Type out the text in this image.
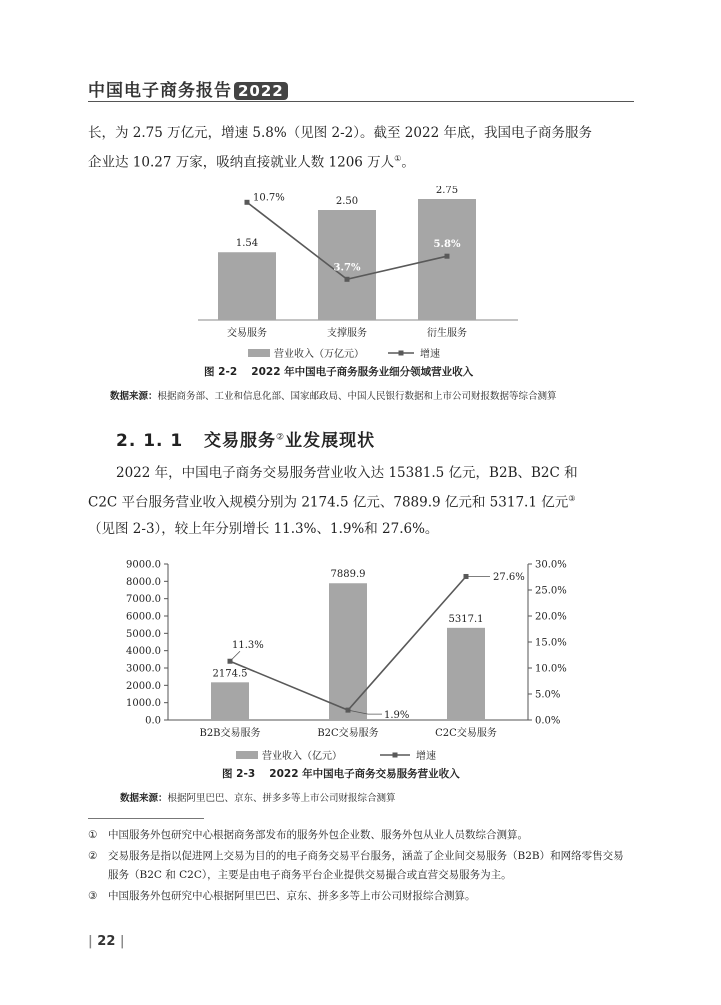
中国电子商务报告 2022
长，为 2.75 万亿元，增速 5.8%（见图 2-2）。截至 2022 年底，我国电子商务服务
企业达 10.27 万家，吸纳直接就业人数 1206 万人①。
1.54
2.50
2.75
10.7%
3.7%
5.8%
交易服务	支撑服务	衍生服务
营业收入（万亿元）	增速
图 2-2　 2022 年中国电子商务服务业细分领域营业收入
数据来源：根据商务部、工业和信息化部、国家邮政局、中国人民银行数据和上市公司财报数据等综合测算
2. 1. 1 交易服务②业发展现状
2022 年，中国电子商务交易服务营业收入达 15381.5 亿元，B2B、B2C 和
C2C 平台服务营业收入规模分别为 2174.5 亿元、7889.9 亿元和 5317.1 亿元③
（见图 2-3），较上年分别增长 11.3%、1.9%和 27.6%。
0.0
1000.0
2000.0
3000.0
4000.0
5000.0
6000.0
7000.0
8000.0
9000.0
0.0%
5.0%
10.0%
15.0%
20.0%
25.0%
30.0%
2174.5
7889.9
5317.1
11.3%
1.9%
27.6%
B2B交易服务	B2C交易服务	C2C交易服务
营业收入（亿元）	增速
图 2-3　 2022 年中国电子商务交易服务营业收入
数据来源：根据阿里巴巴、京东、拼多多等上市公司财报综合测算
① 中国服务外包研究中心根据商务部发布的服务外包企业数、服务外包从业人员数综合测算。
② 交易服务是指以促进网上交易为目的的电子商务交易平台服务，涵盖了企业间交易服务（B2B）和网络零售交易服务（B2C 和 C2C），主要是由电子商务平台企业提供交易撮合或直营交易服务为主。
③ 中国服务外包研究中心根据阿里巴巴、京东、拼多多等上市公司财报综合测算。
| 22 |
